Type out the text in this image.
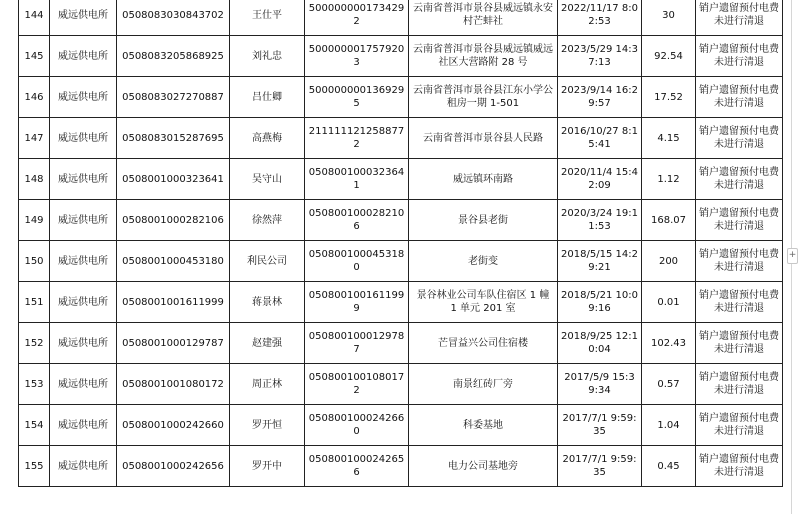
144	威远供电所	0508083030843702	王仕平	5000000001734292	云南省普洱市景谷县威远镇永安村芒蚌社	2022/11/17 8:02:53	30	销户遗留预付电费未进行清退
145	威远供电所	0508083205868925	刘礼忠	5000000017579203	云南省普洱市景谷县威远镇威远社区大营路附 28 号	2023/5/29 14:37:13	92.54	销户遗留预付电费未进行清退
146	威远供电所	0508083027270887	吕仕卿	5000000001369295	云南省普洱市景谷县江东小学公租房一期 1-501	2023/9/14 16:29:57	17.52	销户遗留预付电费未进行清退
147	威远供电所	0508083015287695	高燕梅	2111111212588772	云南省普洱市景谷县人民路	2016/10/27 8:15:41	4.15	销户遗留预付电费未进行清退
148	威远供电所	0508001000323641	吴守山	0508001000323641	威远镇环南路	2020/11/4 15:42:09	1.12	销户遗留预付电费未进行清退
149	威远供电所	0508001000282106	徐然萍	0508001000282106	景谷县老街	2020/3/24 19:11:53	168.07	销户遗留预付电费未进行清退
150	威远供电所	0508001000453180	利民公司	0508001000453180	老街变	2018/5/15 14:29:21	200	销户遗留预付电费未进行清退
151	威远供电所	0508001001611999	蒋景林	0508001001611999	景谷林业公司车队住宿区 1 幢 1 单元 201 室	2018/5/21 10:09:16	0.01	销户遗留预付电费未进行清退
152	威远供电所	0508001000129787	赵建强	0508001000129787	芒冒益兴公司住宿楼	2018/9/25 12:10:04	102.43	销户遗留预付电费未进行清退
153	威远供电所	0508001001080172	周正林	0508001001080172	南景红砖厂旁	2017/5/9 15:39:34	0.57	销户遗留预付电费未进行清退
154	威远供电所	0508001000242660	罗开恒	0508001000242660	科委基地	2017/7/1 9:59:35	1.04	销户遗留预付电费未进行清退
155	威远供电所	0508001000242656	罗开中	0508001000242656	电力公司基地旁	2017/7/1 9:59:35	0.45	销户遗留预付电费未进行清退
+
